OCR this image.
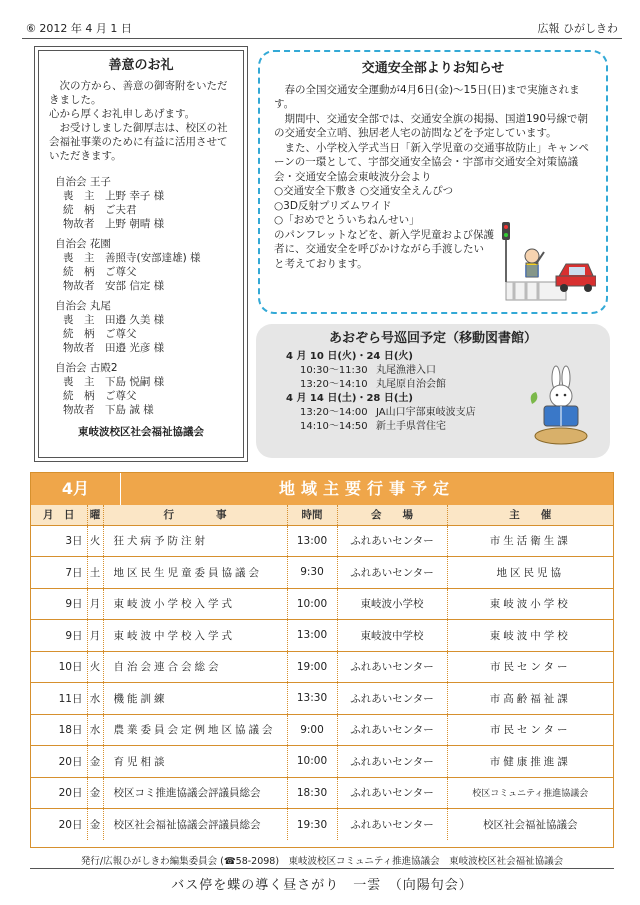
⑥ 2012 年 4 月 1 日	広報 ひがしきわ
善意のお礼
次の方から、善意の御寄附をいただきました。
心から厚くお礼申しあげます。
お受けしました御厚志は、校区の社会福祉事業のために有益に活用させていただきます。
自治会 王子
喪　主　上野 幸子 様
続　柄　ご夫君
物故者　上野 朝晴 様
自治会 花園
喪　主　善照寺(安部達雄) 様
続　柄　ご尊父
物故者　安部 信定 様
自治会 丸尾
喪　主　田邉 久美 様
続　柄　ご尊父
物故者　田邉 光彦 様
自治会 古殿2
喪　主　下島 悦嗣 様
続　柄　ご尊父
物故者　下島 誠 様
東岐波校区社会福祉協議会
交通安全部よりお知らせ

春の全国交通安全運動が4月6日(金)～15日(日)まで実施されます。

期間中、交通安全部では、交通安全旗の掲揚、国道190号線で朝の交通安全立哨、独居老人宅の訪問などを予定しています。

また、小学校入学式当日「新入学児童の交通事故防止」キャンペーンの一環として、宇部交通安全協会・宇部市交通安全対策協議会・交通安全協会東岐波分会より

○交通安全下敷き ○交通安全えんぴつ
○3D反射プリズムワイド
○「おめでとういちねんせい」
のパンフレットなどを、新入学児童および保護者に、交通安全を呼びかけながら手渡したいと考えております。
あおぞら号巡回予定（移動図書館）
4 月 10 日(火)・24 日(火)
10:30～11:30 丸尾漁港入口
13:20～14:10 丸尾原自治会館
4 月 14 日(土)・28 日(土)
13:20～14:00 JA山口宇部東岐波支店
14:10～14:50 新土手県営住宅
4月	地域主要行事予定
月　日	曜	行　　　　事	時間	会　　場	主　　催
3日	火	狂犬病予防注射	13:00	ふれあいセンター	市生活衛生課
7日	土	地区民生児童委員協議会	9:30	ふれあいセンター	地区民児協
9日	月	東岐波小学校入学式	10:00	東岐波小学校	東岐波小学校
9日	月	東岐波中学校入学式	13:00	東岐波中学校	東岐波中学校
10日	火	自治会連合会総会	19:00	ふれあいセンター	市民センター
11日	水	機能訓練	13:30	ふれあいセンター	市高齢福祉課
18日	水	農業委員会定例地区協議会	9:00	ふれあいセンター	市民センター
20日	金	育児相談	10:00	ふれあいセンター	市健康推進課
20日	金	校区コミ推進協議会評議員総会	18:30	ふれあいセンター	校区コミュニティ推進協議会
20日	金	校区社会福祉協議会評議員総会	19:30	ふれあいセンター	校区社会福祉協議会
発行/広報ひがしきわ編集委員会 (☎58-2098)　東岐波校区コミュニティ推進協議会　東岐波校区社会福祉協議会
バス停を蝶の導く昼さがり　一雲　（向陽句会）
